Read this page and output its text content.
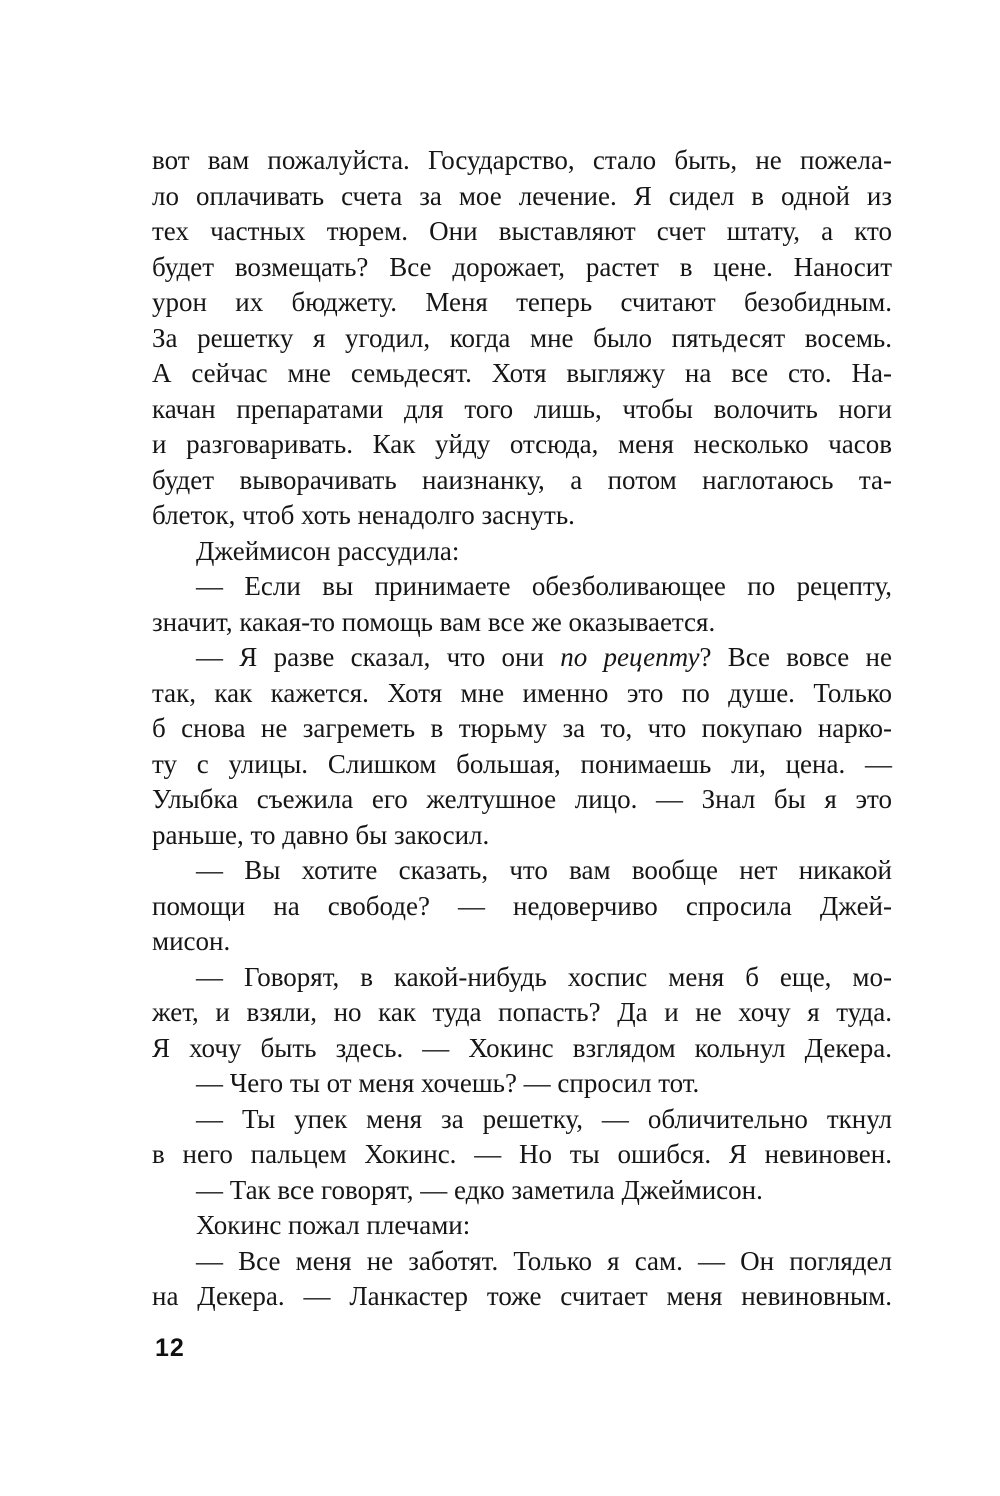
вот вам пожалуйста. Государство, стало быть, не пожела-
ло оплачивать счета за мое лечение. Я сидел в одной из
тех частных тюрем. Они выставляют счет штату, а кто
будет возмещать? Все дорожает, растет в цене. Наносит
урон их бюджету. Меня теперь считают безобидным.
За решетку я угодил, когда мне было пятьдесят восемь.
А сейчас мне семьдесят. Хотя выгляжу на все сто. На-
качан препаратами для того лишь, чтобы волочить ноги
и разговаривать. Как уйду отсюда, меня несколько часов
будет выворачивать наизнанку, а потом наглотаюсь та-
блеток, чтоб хоть ненадолго заснуть.
Джеймисон рассудила:
— Если вы принимаете обезболивающее по рецепту,
значит, какая-то помощь вам все же оказывается.
— Я разве сказал, что они по рецепту? Все вовсе не
так, как кажется. Хотя мне именно это по душе. Только
б снова не загреметь в тюрьму за то, что покупаю нарко-
ту с улицы. Слишком большая, понимаешь ли, цена. —
Улыбка съежила его желтушное лицо. — Знал бы я это
раньше, то давно бы закосил.
— Вы хотите сказать, что вам вообще нет никакой
помощи на свободе? — недоверчиво спросила Джей-
мисон.
— Говорят, в какой-нибудь хоспис меня б еще, мо-
жет, и взяли, но как туда попасть? Да и не хочу я туда.
Я хочу быть здесь. — Хокинс взглядом кольнул Декера.
— Чего ты от меня хочешь? — спросил тот.
— Ты упек меня за решетку, — обличительно ткнул
в него пальцем Хокинс. — Но ты ошибся. Я невиновен.
— Так все говорят, — едко заметила Джеймисон.
Хокинс пожал плечами:
— Все меня не заботят. Только я сам. — Он поглядел
на Декера. — Ланкастер тоже считает меня невиновным.
12
